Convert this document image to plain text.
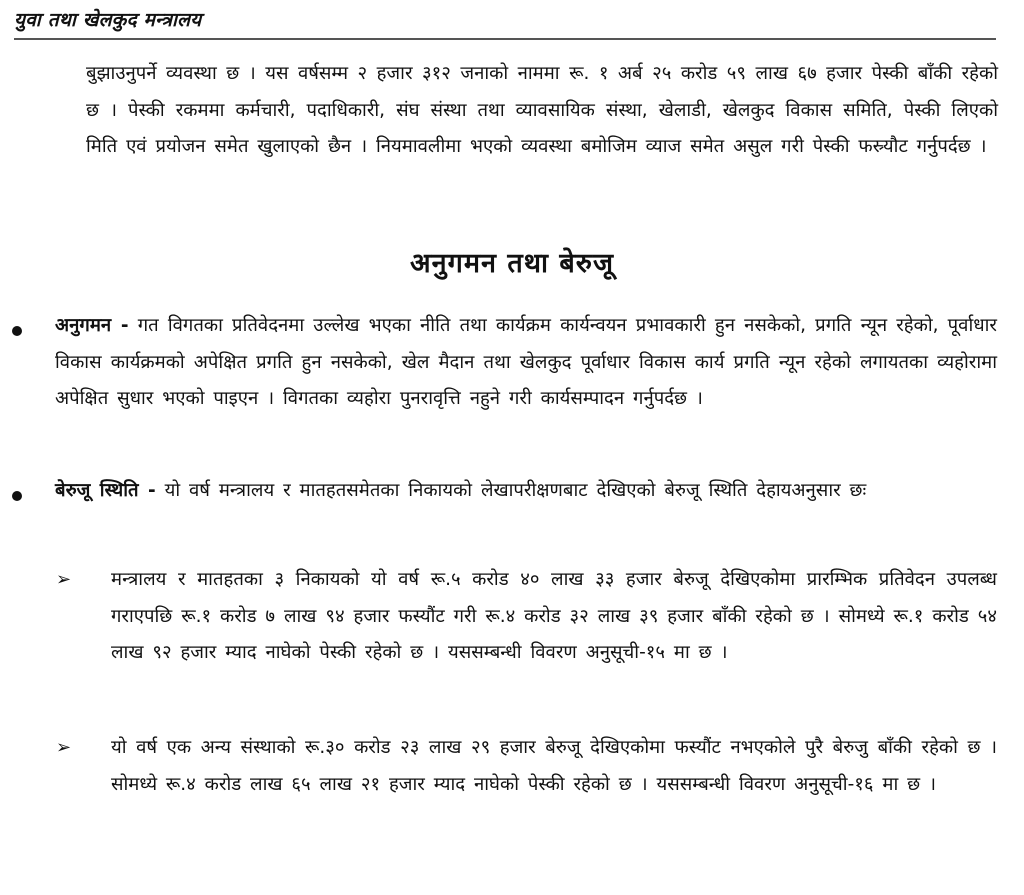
युवा तथा खेलकुद मन्त्रालय
बुझाउनुपर्ने व्यवस्था छ । यस वर्षसम्म २ हजार ३१२ जनाको नाममा रू. १ अर्ब २५ करोड ५९ लाख ६७ हजार पेस्की बाँकी रहेको छ । पेस्की रकममा कर्मचारी, पदाधिकारी, संघ संस्था तथा व्यावसायिक संस्था, खेलाडी, खेलकुद विकास समिति, पेस्की लिएको मिति एवं प्रयोजन समेत खुलाएको छैन । नियमावलीमा भएको व्यवस्था बमोजिम व्याज समेत असुल गरी पेस्की फस्र्यौट गर्नुपर्दछ ।
अनुगमन तथा बेरुजू
अनुगमन - गत विगतका प्रतिवेदनमा उल्लेख भएका नीति तथा कार्यक्रम कार्यन्वयन प्रभावकारी हुन नसकेको, प्रगति न्यून रहेको, पूर्वाधार विकास कार्यक्रमको अपेक्षित प्रगति हुन नसकेको, खेल मैदान तथा खेलकुद पूर्वाधार विकास कार्य प्रगति न्यून रहेको लगायतका व्यहोरामा अपेक्षित सुधार भएको पाइएन । विगतका व्यहोरा पुनरावृत्ति नहुने गरी कार्यसम्पादन गर्नुपर्दछ ।
बेरुजू स्थिति - यो वर्ष मन्त्रालय र मातहतसमेतका निकायको लेखापरीक्षणबाट देखिएको बेरुजू स्थिति देहायअनुसार छः
➢ मन्त्रालय र मातहतका ३ निकायको यो वर्ष रू.५ करोड ४० लाख ३३ हजार बेरुजू देखिएकोमा प्रारम्भिक प्रतिवेदन उपलब्ध गराएपछि रू.१ करोड ७ लाख ९४ हजार फस्यौंट गरी रू.४ करोड ३२ लाख ३९ हजार बाँकी रहेको छ । सोमध्ये रू.१ करोड ५४ लाख ९२ हजार म्याद नाघेको पेस्की रहेको छ । यससम्बन्धी विवरण अनुसूची-१५ मा छ ।
➢ यो वर्ष एक अन्य संस्थाको रू.३० करोड २३ लाख २९ हजार बेरुजू देखिएकोमा फस्यौंट नभएकोले पुरै बेरुजु बाँकी रहेको छ । सोमध्ये रू.४ करोड लाख ६५ लाख २१ हजार म्याद नाघेको पेस्की रहेको छ । यससम्बन्धी विवरण अनुसूची-१६ मा छ ।
